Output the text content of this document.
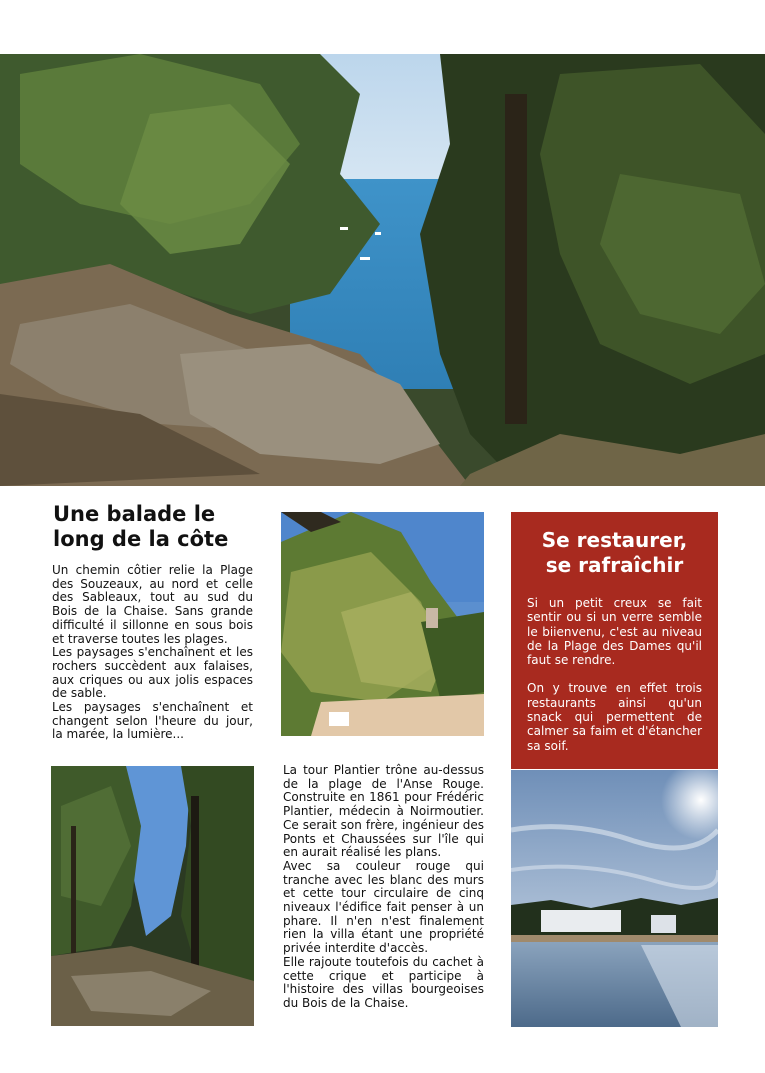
Une balade le long de la côte

Un chemin côtier relie la Plage des Souzeaux, au nord et celle des Sableaux, tout au sud du Bois de la Chaise. Sans grande difficulté il sillonne en sous bois et traverse toutes les plages.

Les paysages s'enchaînent et les rochers succèdent aux falaises, aux criques ou aux jolis espaces de sable.

Les paysages s'enchaînent et changent selon l'heure du jour, la marée, la lumière...

Se restaurer, se rafraîchir

Si un petit creux se fait sentir ou si un verre semble le biienvenu, c'est au niveau de la Plage des Dames qu'il faut se rendre.

On y trouve en effet trois restaurants ainsi qu'un snack qui permettent de calmer sa faim et d'étancher sa soif.

La tour Plantier trône au-dessus de la plage de l'Anse Rouge. Construite en 1861 pour Frédéric Plantier, médecin à Noirmoutier. Ce serait son frère, ingénieur des Ponts et Chaussées sur l'île qui en aurait réalisé les plans.

Avec sa couleur rouge qui tranche avec les blanc des murs et cette tour circulaire de cinq niveaux l'édifice fait penser à un phare. Il n'en n'est finalement rien la villa étant une propriété privée interdite d'accès.

Elle rajoute toutefois du cachet à cette crique et participe à l'histoire des villas bourgeoises du Bois de la Chaise.
